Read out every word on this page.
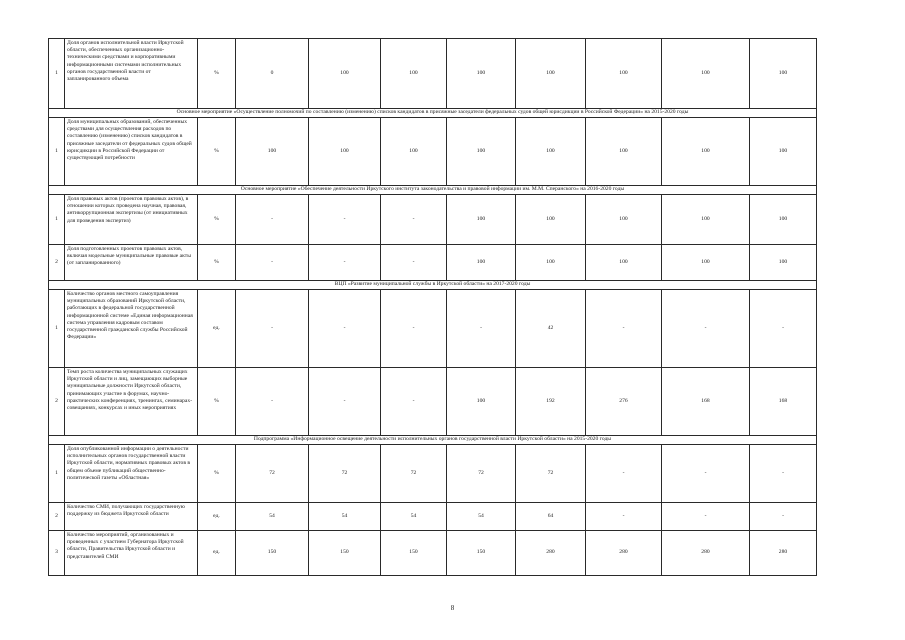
1	Доля органов исполнительной власти Иркутской области, обеспеченных организационно-техническими средствами и корпоративными информационными системами исполнительных органов государственной власти от запланированного объема	%	0	100	100	100	100	100	100	100
Основное мероприятие «Осуществление полномочий по составлению (изменению) списков кандидатов в присяжные заседатели федеральных судов общей юрисдикции в Российской Федерации» на 2015-2020 годы										
1	Доля муниципальных образований, обеспеченных средствами для осуществления расходов по составлению (изменению) списков кандидатов в присяжные заседатели от федеральных судов общей юрисдикции в Российской Федерации от существующей потребности	%	100	100	100	100	100	100	100	100
Основное мероприятие «Обеспечение деятельности Иркутского института законодательства и правовой информации им. М.М. Сперанского» на 2016-2020 годы										
1	Доля правовых актов (проектов правовых актов), в отношении которых проведена научная, правовая, антикоррупционная экспертизы (от инициативных для проведения экспертиз)	%	-	-	-	100	100	100	100	100
2	Доля подготовленных проектов правовых актов, включая модельные муниципальные правовые акты (от запланированного)	%	-	-	-	100	100	100	100	100
ВЦП «Развитие муниципальной службы в Иркутской области» на 2017-2020 годы										
1	Количество органов местного самоуправления муниципальных образований Иркутской области, работающих в федеральной государственной информационной системе «Единая информационная система управления кадровым составом государственной гражданской службы Российской Федерации»	ед.	-	-	-	-	42	-	-	-
2	Темп роста количества муниципальных служащих Иркутской области и лиц, замещающих выборные муниципальные должности Иркутской области, принимающих участие в форумах, научно-практических конференциях, тренингах, семинарах-совещаниях, конкурсах и иных мероприятиях	%	-	-	-	100	192	276	168	168
Подпрограмма «Информационное освещение деятельности исполнительных органов государственной власти Иркутской области» на 2015-2020 годы										
1	Доля опубликованной информации о деятельности исполнительных органов государственной власти Иркутской области, нормативных правовых актов в общем объеме публикаций общественно-политической газеты «Областная»	%	72	72	72	72	72	-	-	-
2	Количество СМИ, получающих государственную поддержку из бюджета Иркутской области	ед.	54	54	54	54	64	-	-	-
3	Количество мероприятий, организованных и проведенных с участием Губернатора Иркутской области, Правительства Иркутской области и представителей СМИ	ед.	150	150	150	150	280	280	280	280
8
